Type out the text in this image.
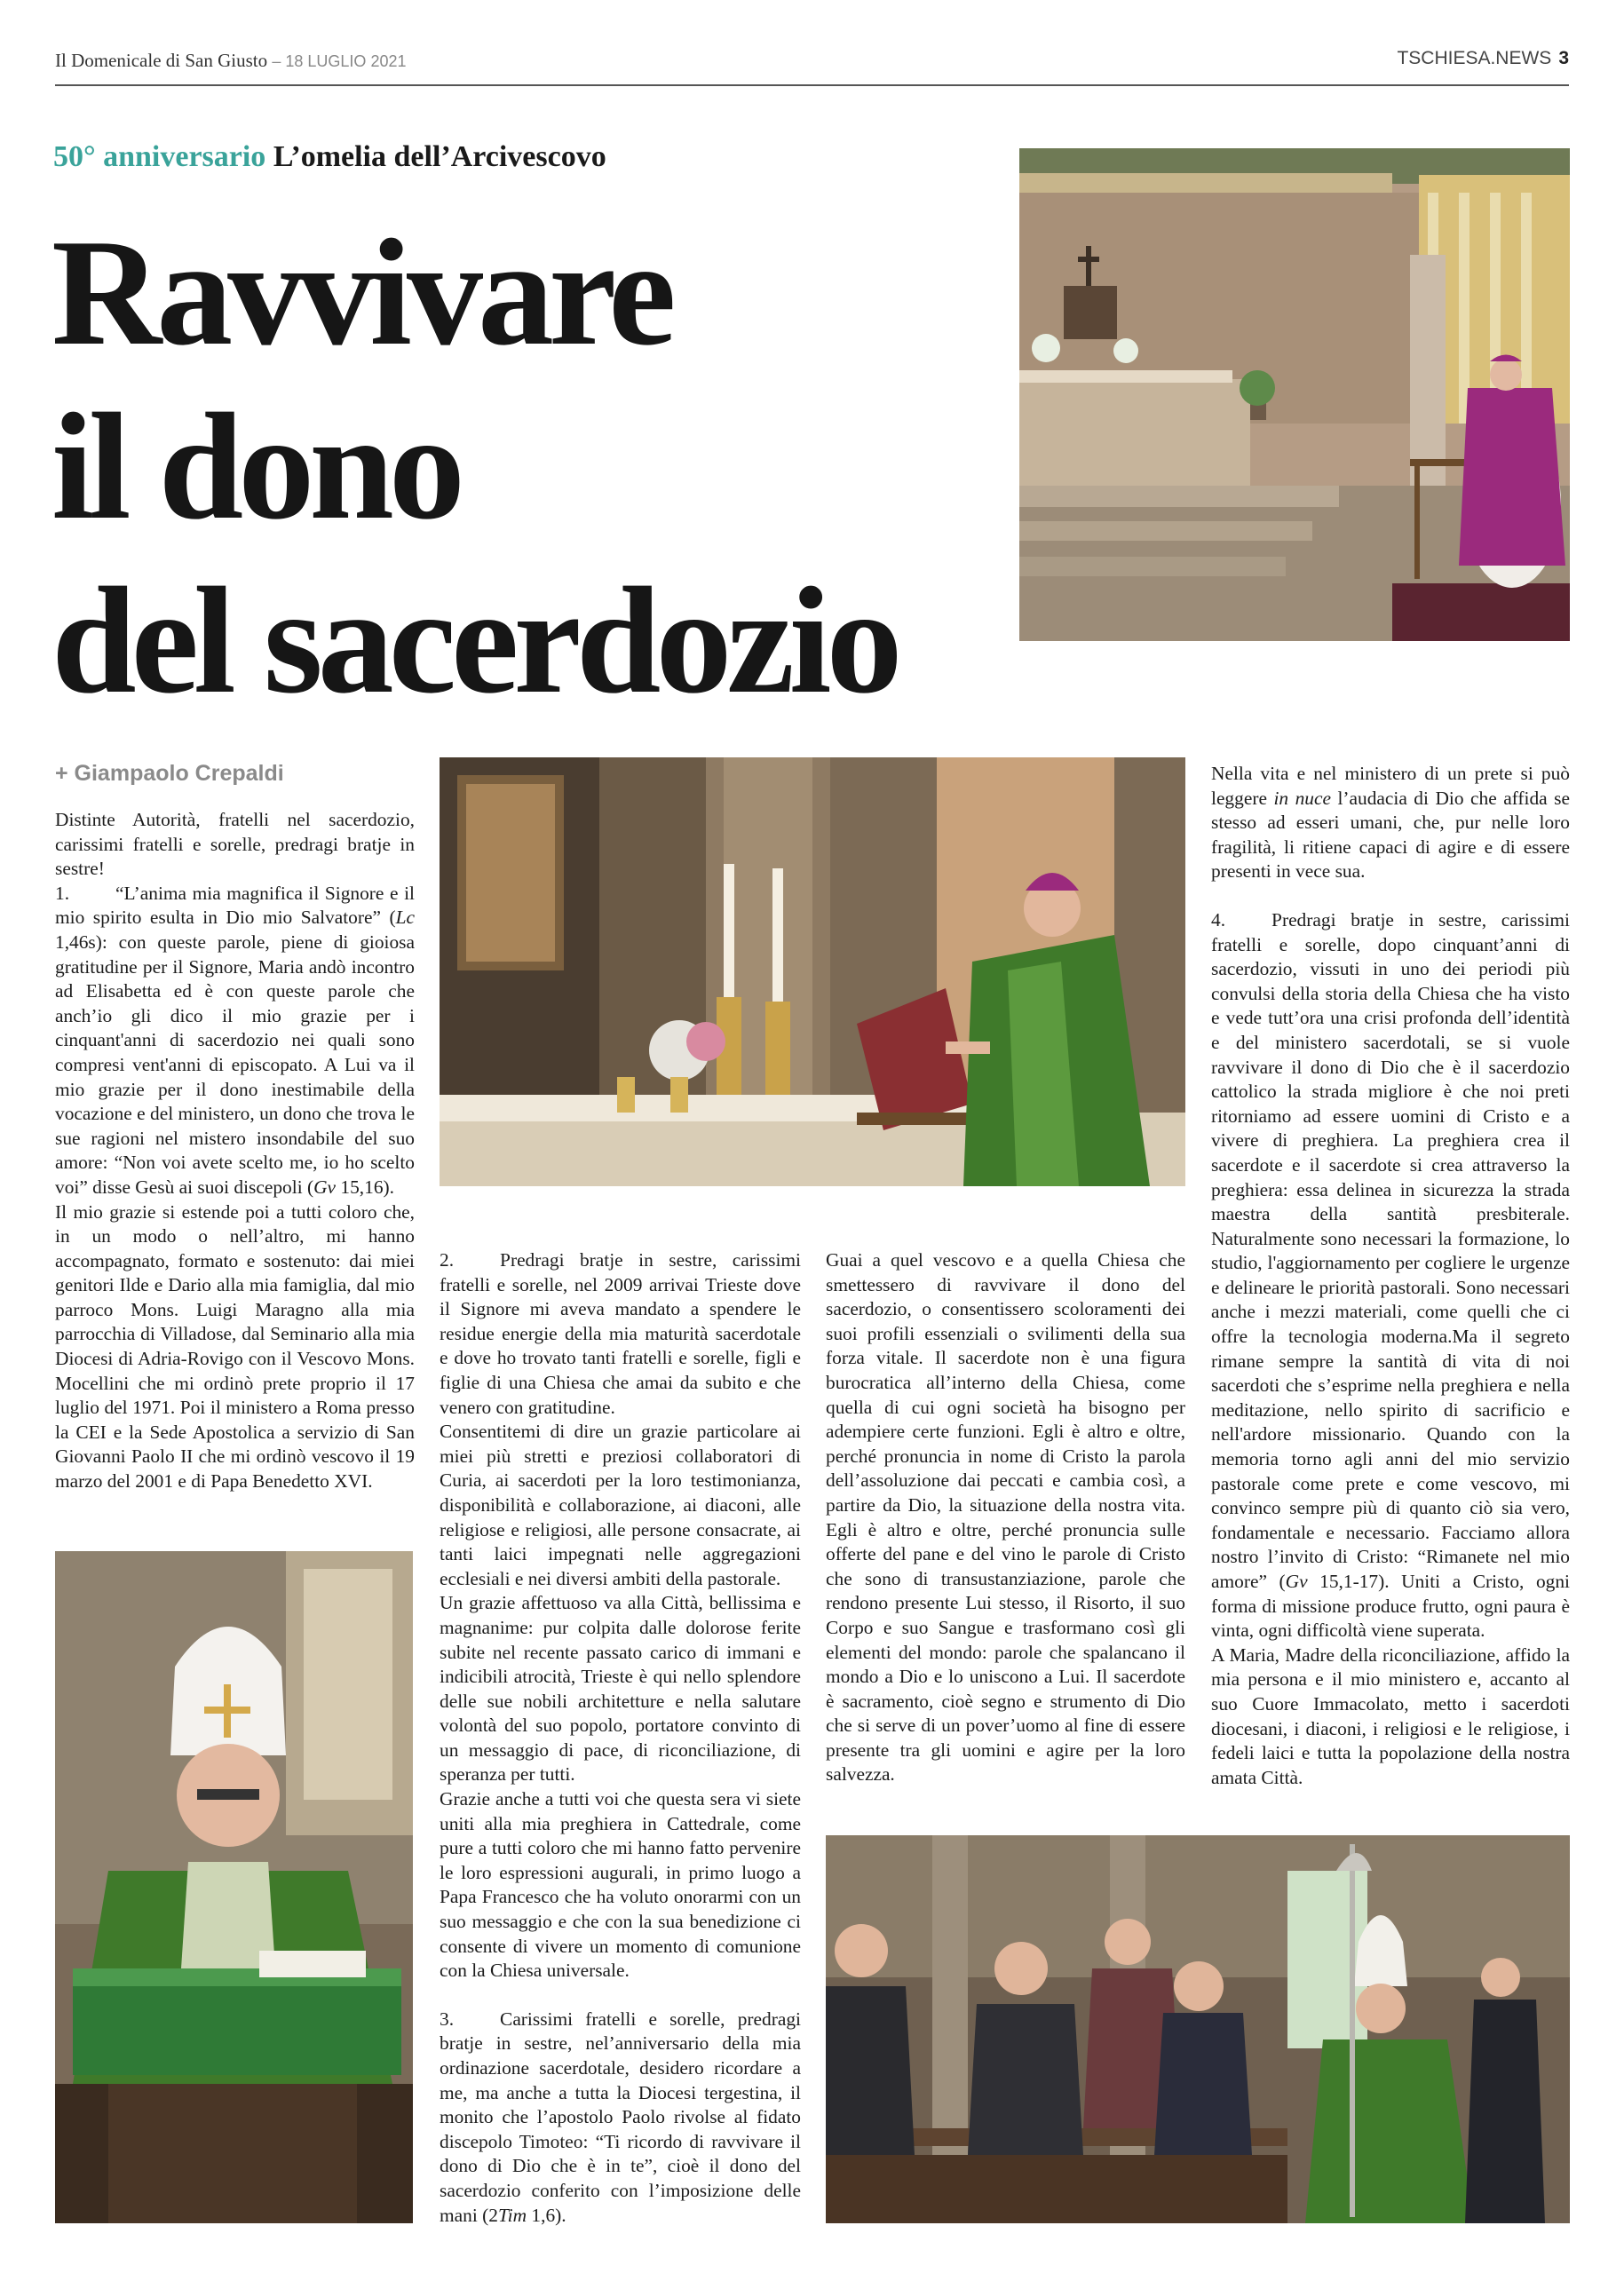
Il Domenicale di San Giusto – 18 LUGLIO 2021	TSCHIESA.NEWS 3
50° anniversario L’omelia dell’Arcivescovo
Ravvivare
il dono
del sacerdozio
+ Giampaolo Crepaldi

Distinte Autorità, fratelli nel sacerdozio, carissimi fratelli e sorelle, predragi bratje in sestre!

1. “L’anima mia magnifica il Signore e il mio spirito esulta in Dio mio Salvatore” (Lc 1,46s): con queste parole, piene di gioiosa gratitudine per il Signore, Maria andò incontro ad Elisabetta ed è con queste parole che anch’io gli dico il mio grazie per i cinquant'anni di sacerdozio nei quali sono compresi vent'anni di episcopato. A Lui va il mio grazie per il dono inestimabile della vocazione e del ministero, un dono che trova le sue ragioni nel mistero insondabile del suo amore: “Non voi avete scelto me, io ho scelto voi” disse Gesù ai suoi discepoli (Gv 15,16).

Il mio grazie si estende poi a tutti coloro che, in un modo o nell’altro, mi hanno accompagnato, formato e sostenuto: dai miei genitori Ilde e Dario alla mia famiglia, dal mio parroco Mons. Luigi Maragno alla mia parrocchia di Villadose, dal Seminario alla mia Diocesi di Adria-Rovigo con il Vescovo Mons. Mocellini che mi ordinò prete proprio il 17 luglio del 1971. Poi il ministero a Roma presso la CEI e la Sede Apostolica a servizio di San Giovanni Paolo II che mi ordinò vescovo il 19 marzo del 2001 e di Papa Benedetto XVI.

2. Predragi bratje in sestre, carissimi fratelli e sorelle, nel 2009 arrivai Trieste dove il Signore mi aveva mandato a spendere le residue energie della mia maturità sacerdotale e dove ho trovato tanti fratelli e sorelle, figli e figlie di una Chiesa che amai da subito e che venero con gratitudine.

Consentitemi di dire un grazie particolare ai miei più stretti e preziosi collaboratori di Curia, ai sacerdoti per la loro testimonianza, disponibilità e collaborazione, ai diaconi, alle religiose e religiosi, alle persone consacrate, ai tanti laici impegnati nelle aggregazioni ecclesiali e nei diversi ambiti della pastorale.

Un grazie affettuoso va alla Città, bellissima e magnanime: pur colpita dalle dolorose ferite subite nel recente passato carico di immani e indicibili atrocità, Trieste è qui nello splendore delle sue nobili architetture e nella salutare volontà del suo popolo, portatore convinto di un messaggio di pace, di riconciliazione, di speranza per tutti.

Grazie anche a tutti voi che questa sera vi siete uniti alla mia preghiera in Cattedrale, come pure a tutti coloro che mi hanno fatto pervenire le loro espressioni augurali, in primo luogo a Papa Francesco che ha voluto onorarmi con un suo messaggio e che con la sua benedizione ci consente di vivere un momento di comunione con la Chiesa universale.

3. Carissimi fratelli e sorelle, predragi bratje in sestre, nel’anniversario della mia ordinazione sacerdotale, desidero ricordare a me, ma anche a tutta la Diocesi tergestina, il monito che l’apostolo Paolo rivolse al fidato discepolo Timoteo: “Ti ricordo di ravvivare il dono di Dio che è in te”, cioè il dono del sacerdozio conferito con l’imposizione delle mani (2Tim 1,6).

Guai a quel vescovo e a quella Chiesa che smettessero di ravvivare il dono del sacerdozio, o consentissero scoloramenti dei suoi profili essenziali o svilimenti della sua forza vitale. Il sacerdote non è una figura burocratica all’interno della Chiesa, come quella di cui ogni società ha bisogno per adempiere certe funzioni. Egli è altro e oltre, perché pronuncia in nome di Cristo la parola dell’assoluzione dai peccati e cambia così, a partire da Dio, la situazione della nostra vita. Egli è altro e oltre, perché pronuncia sulle offerte del pane e del vino le parole di Cristo che sono di transustanziazione, parole che rendono presente Lui stesso, il Risorto, il suo Corpo e suo Sangue e trasformano così gli elementi del mondo: parole che spalancano il mondo a Dio e lo uniscono a Lui. Il sacerdote è sacramento, cioè segno e strumento di Dio che si serve di un pover’uomo al fine di essere presente tra gli uomini e agire per la loro salvezza.

Nella vita e nel ministero di un prete si può leggere in nuce l’audacia di Dio che affida se stesso ad esseri umani, che, pur nelle loro fragilità, li ritiene capaci di agire e di essere presenti in vece sua.

4. Predragi bratje in sestre, carissimi fratelli e sorelle, dopo cinquant’anni di sacerdozio, vissuti in uno dei periodi più convulsi della storia della Chiesa che ha visto e vede tutt’ora una crisi profonda dell’identità e del ministero sacerdotali, se si vuole ravvivare il dono di Dio che è il sacerdozio cattolico la strada migliore è che noi preti ritorniamo ad essere uomini di Cristo e a vivere di preghiera. La preghiera crea il sacerdote e il sacerdote si crea attraverso la preghiera: essa delinea in sicurezza la strada maestra della santità presbiterale. Naturalmente sono necessari la formazione, lo studio, l'aggiornamento per cogliere le urgenze e delineare le priorità pastorali. Sono necessari anche i mezzi materiali, come quelli che ci offre la tecnologia moderna.Ma il segreto rimane sempre la santità di vita di noi sacerdoti che s’esprime nella preghiera e nella meditazione, nello spirito di sacrificio e nell'ardore missionario. Quando con la memoria torno agli anni del mio servizio pastorale come prete e come vescovo, mi convinco sempre più di quanto ciò sia vero, fondamentale e necessario. Facciamo allora nostro l’invito di Cristo: “Rimanete nel mio amore” (Gv 15,1-17). Uniti a Cristo, ogni forma di missione produce frutto, ogni paura è vinta, ogni difficoltà viene superata.

A Maria, Madre della riconciliazione, affido la mia persona e il mio ministero e, accanto al suo Cuore Immacolato, metto i sacerdoti diocesani, i diaconi, i religiosi e le religiose, i fedeli laici e tutta la popolazione della nostra amata Città.
